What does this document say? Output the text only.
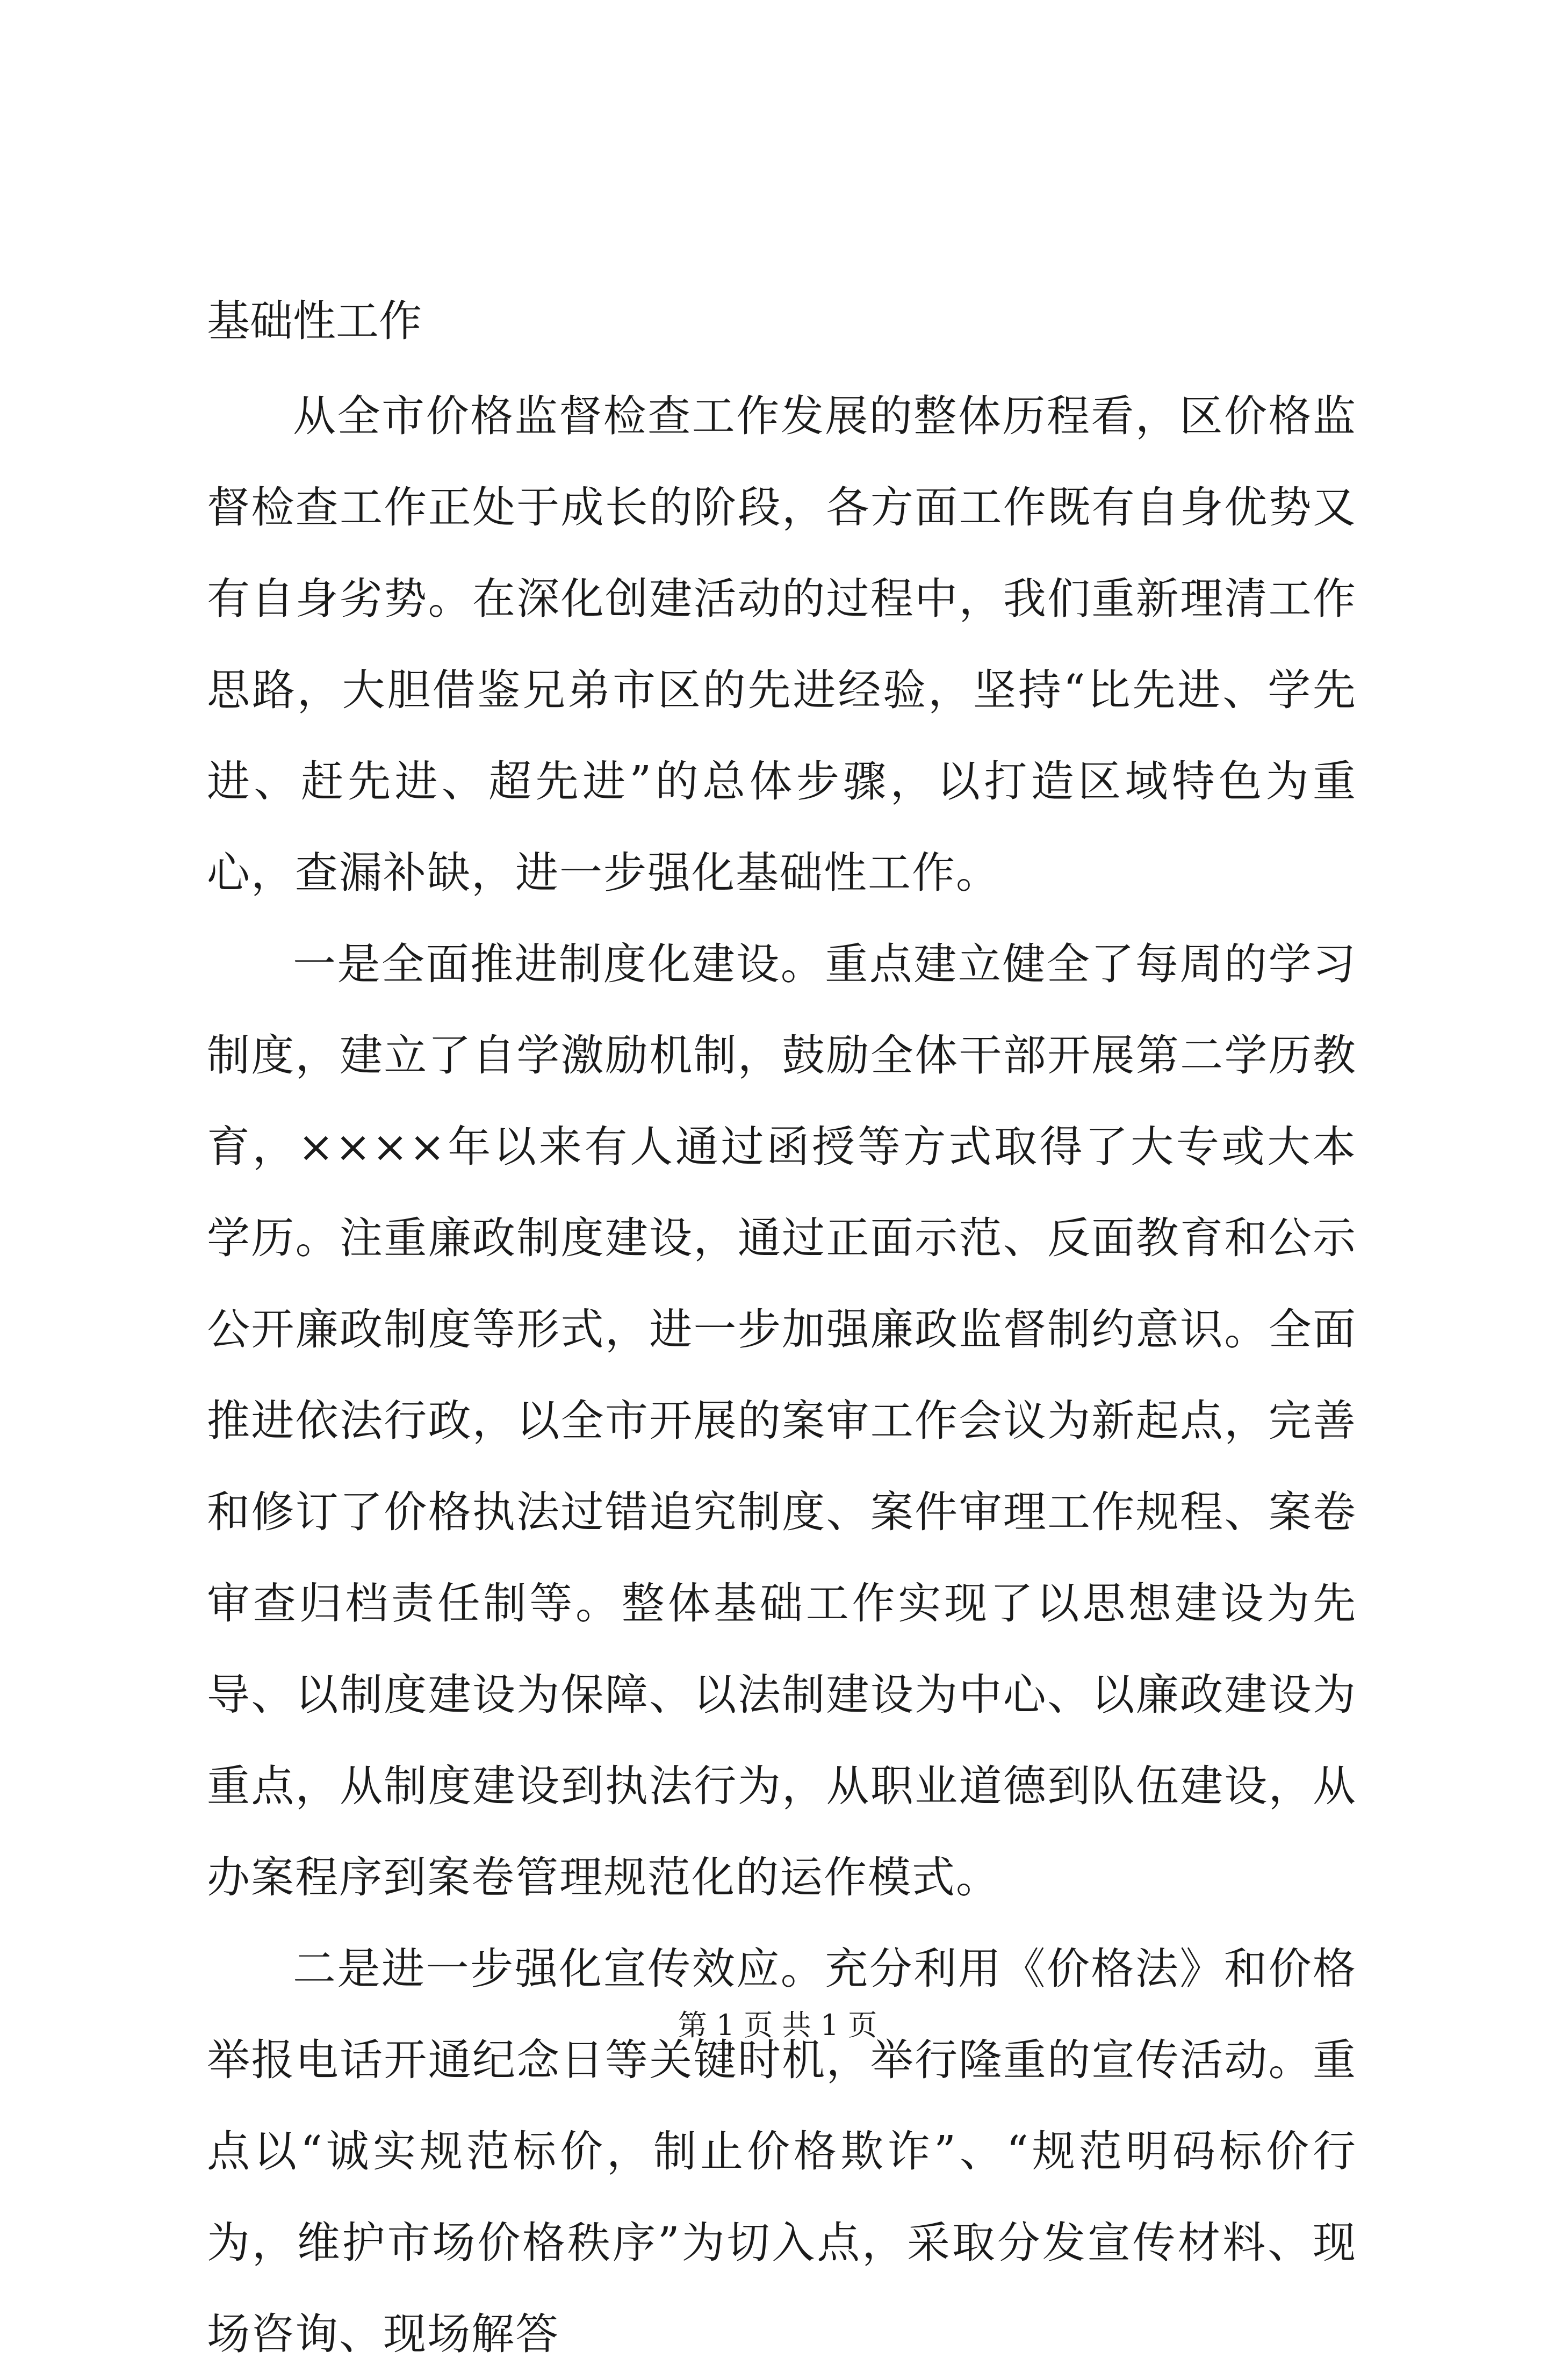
基础性工作

从全市价格监督检查工作发展的整体历程看，区价格监督检查工作正处于成长的阶段，各方面工作既有自身优势又有自身劣势。在深化创建活动的过程中，我们重新理清工作思路，大胆借鉴兄弟市区的先进经验，坚持“比先进、学先进、赶先进、超先进”的总体步骤，以打造区域特色为重心，查漏补缺，进一步强化基础性工作。

一是全面推进制度化建设。重点建立健全了每周的学习制度，建立了自学激励机制，鼓励全体干部开展第二学历教育，××××年以来有人通过函授等方式取得了大专或大本学历。注重廉政制度建设，通过正面示范、反面教育和公示公开廉政制度等形式，进一步加强廉政监督制约意识。全面推进依法行政，以全市开展的案审工作会议为新起点，完善和修订了价格执法过错追究制度、案件审理工作规程、案卷审查归档责任制等。整体基础工作实现了以思想建设为先导、以制度建设为保障、以法制建设为中心、以廉政建设为重点，从制度建设到执法行为，从职业道德到队伍建设，从办案程序到案卷管理规范化的运作模式。

二是进一步强化宣传效应。充分利用《价格法》和价格举报电话开通纪念日等关键时机，举行隆重的宣传活动。重点以“诚实规范标价，制止价格欺诈”、“规范明码标价行为，维护市场价格秩序”为切入点，采取分发宣传材料、现场咨询、现场解答

第 1 页 共 1 页
